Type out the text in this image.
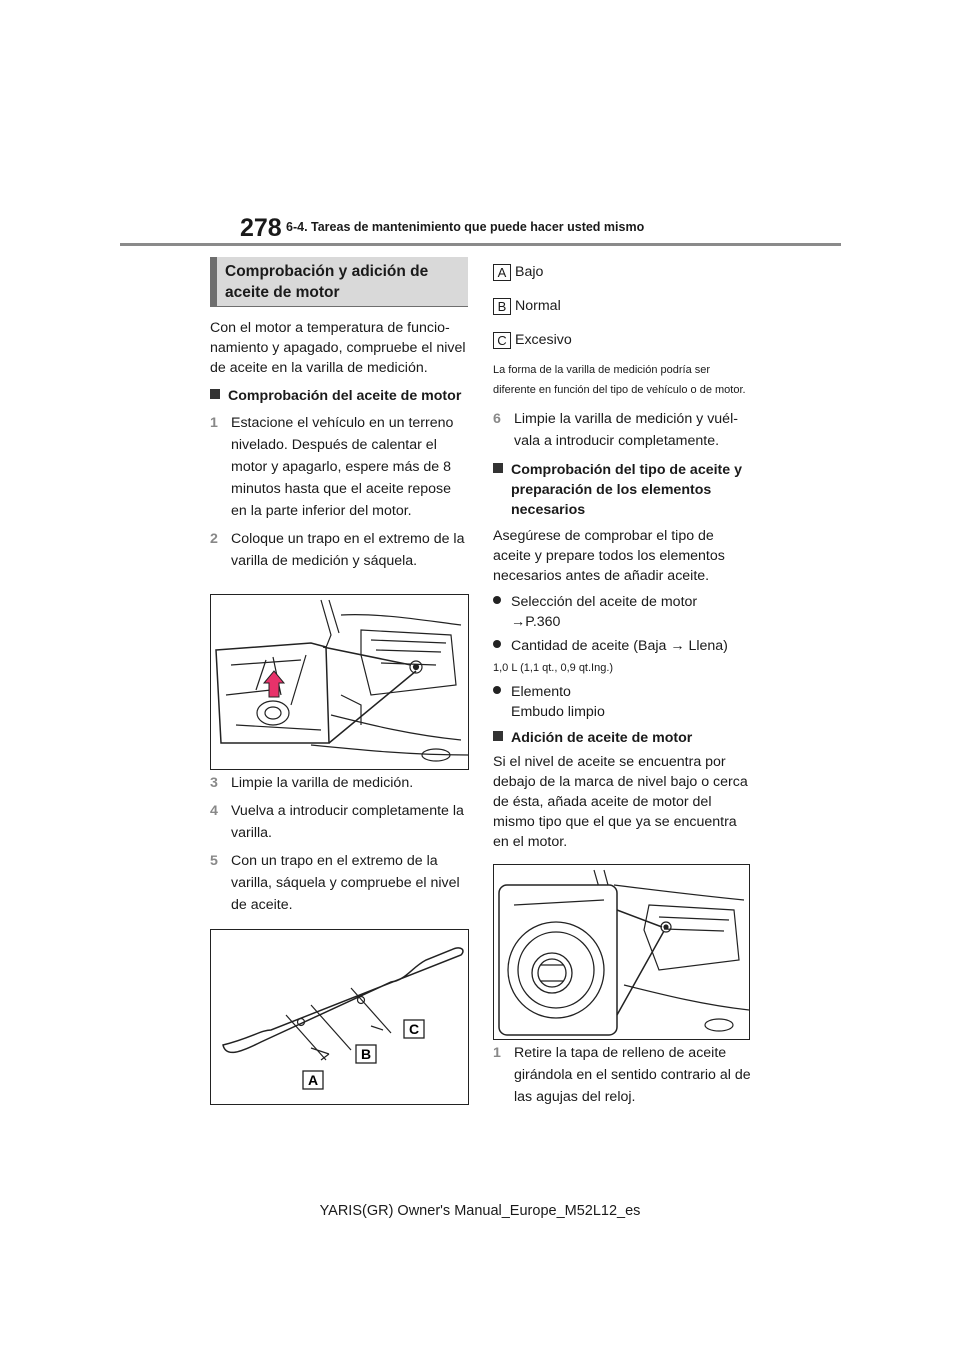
278 6-4. Tareas de mantenimiento que puede hacer usted mismo
Comprobación y adición de aceite de motor

Con el motor a temperatura de funcio-namiento y apagado, compruebe el nivel de aceite en la varilla de medición.

Comprobación del aceite de motor

1 Estacione el vehículo en un terreno nivelado. Después de calentar el motor y apagarlo, espere más de 8 minutos hasta que el aceite repose en la parte inferior del motor.

2 Coloque un trapo en el extremo de la varilla de medición y sáquela.

3 Limpie la varilla de medición.

4 Vuelva a introducir completamente la varilla.

5 Con un trapo en el extremo de la varilla, sáquela y compruebe el nivel de aceite.

C
B
A

A Bajo

B Normal

C Excesivo

La forma de la varilla de medición podría ser diferente en función del tipo de vehículo o de motor.

6 Limpie la varilla de medición y vuél-vala a introducir completamente.

Comprobación del tipo de aceite y preparación de los elementos necesarios

Asegúrese de comprobar el tipo de aceite y prepare todos los elementos necesarios antes de añadir aceite.

Selección del aceite de motor

→P.360

Cantidad de aceite (Baja → Llena)

1,0 L (1,1 qt., 0,9 qt.Ing.)

Elemento

Embudo limpio

Adición de aceite de motor

Si el nivel de aceite se encuentra por debajo de la marca de nivel bajo o cerca de ésta, añada aceite de motor del mismo tipo que el que ya se encuentra en el motor.

1 Retire la tapa de relleno de aceite girándola en el sentido contrario al de las agujas del reloj.

YARIS(GR) Owner's Manual_Europe_M52L12_es
